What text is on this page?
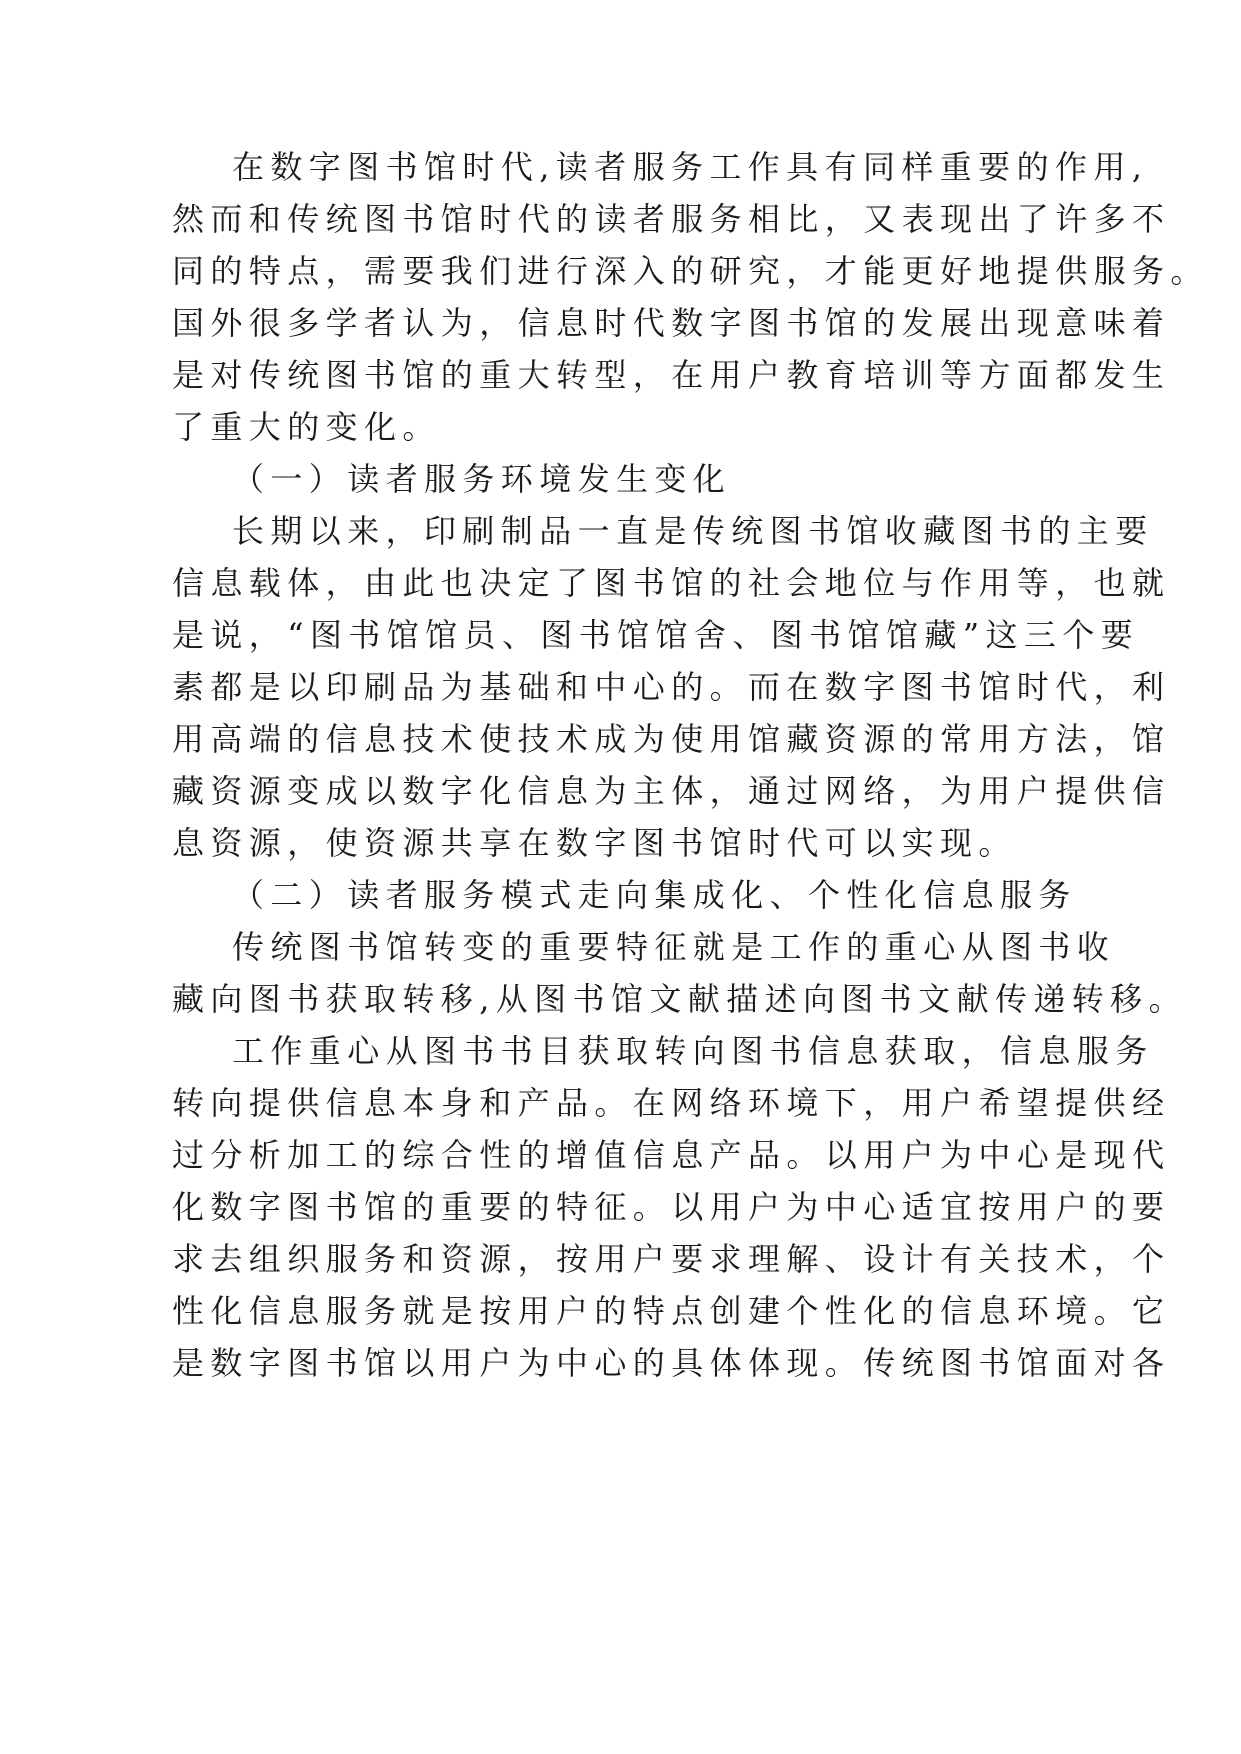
在数字图书馆时代,读者服务工作具有同样重要的作用,
然而和传统图书馆时代的读者服务相比，又表现出了许多不
同的特点，需要我们进行深入的研究，才能更好地提供服务。
国外很多学者认为，信息时代数字图书馆的发展出现意味着
是对传统图书馆的重大转型，在用户教育培训等方面都发生
了重大的变化。
（一）读者服务环境发生变化
长期以来，印刷制品一直是传统图书馆收藏图书的主要
信息载体，由此也决定了图书馆的社会地位与作用等，也就
是说，“图书馆馆员、图书馆馆舍、图书馆馆藏”这三个要
素都是以印刷品为基础和中心的。而在数字图书馆时代，利
用高端的信息技术使技术成为使用馆藏资源的常用方法，馆
藏资源变成以数字化信息为主体，通过网络，为用户提供信
息资源，使资源共享在数字图书馆时代可以实现。
（二）读者服务模式走向集成化、个性化信息服务
传统图书馆转变的重要特征就是工作的重心从图书收
藏向图书获取转移,从图书馆文献描述向图书文献传递转移。
工作重心从图书书目获取转向图书信息获取，信息服务
转向提供信息本身和产品。在网络环境下，用户希望提供经
过分析加工的综合性的增值信息产品。以用户为中心是现代
化数字图书馆的重要的特征。以用户为中心适宜按用户的要
求去组织服务和资源，按用户要求理解、设计有关技术，个
性化信息服务就是按用户的特点创建个性化的信息环境。它
是数字图书馆以用户为中心的具体体现。传统图书馆面对各
